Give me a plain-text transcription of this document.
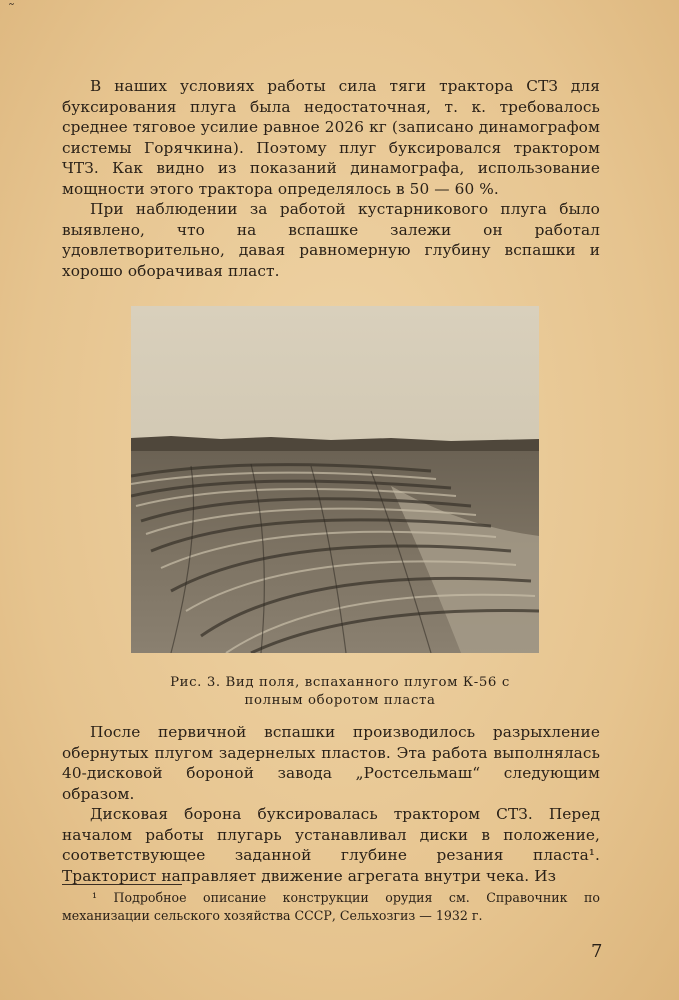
˜

В наших условиях работы сила тяги трактора СТЗ для буксирования плуга была недостаточная, т. к. требовалось среднее тяговое усилие равное 2026 кг (записано динамографом системы Горячкина). Поэтому плуг буксировался трактором ЧТЗ. Как видно из показаний динамографа, использование мощности этого трактора определялось в 50 — 60 %.

При наблюдении за работой кустарникового плуга было выявлено, что на вспашке залежи он работал удовлетворительно, давая равномерную глубину вспашки и хорошо оборачивая пласт.

Рис. 3. Вид поля, вспаханного плугом К-56 с
полным оборотом пласта

После первичной вспашки производилось разрыхление обернутых плугом задернелых пластов. Эта работа выполнялась 40-дисковой бороной завода „Ростсельмаш“ следующим образом.

Дисковая борона буксировалась трактором СТЗ. Перед началом работы плугарь устанавливал диски в положение, соответствующее заданной глубине резания пласта¹. Тракторист направляет движение агрегата внутри чека. Из

¹ Подробное описание конструкции орудия см. Справочник по механизации сельского хозяйства СССР, Сельхозгиз — 1932 г.

7
